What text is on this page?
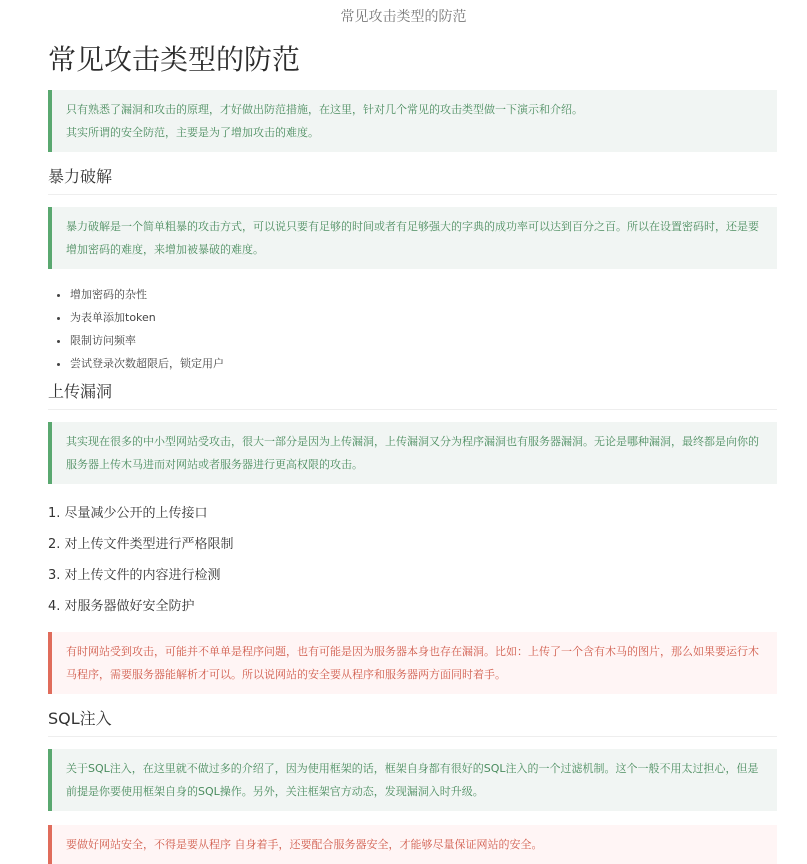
常见攻击类型的防范
常见攻击类型的防范

只有熟悉了漏洞和攻击的原理，才好做出防范措施，在这里，针对几个常见的攻击类型做一下演示和介绍。

其实所谓的安全防范，主要是为了增加攻击的难度。

暴力破解

暴力破解是一个简单粗暴的攻击方式，可以说只要有足够的时间或者有足够强大的字典的成功率可以达到百分之百。所以在设置密码时，还是要增加密码的难度，来增加被暴破的难度。

• 增加密码的杂性
• 为表单添加token
• 限制访问频率
• 尝试登录次数超限后，锁定用户
上传漏洞

其实现在很多的中小型网站受攻击，很大一部分是因为上传漏洞，上传漏洞又分为程序漏洞也有服务器漏洞。无论是哪种漏洞，最终都是向你的服务器上传木马进而对网站或者服务器进行更高权限的攻击。

1. 尽量减少公开的上传接口
2. 对上传文件类型进行严格限制
3. 对上传文件的内容进行检测
4. 对服务器做好安全防护

有时网站受到攻击，可能并不单单是程序问题，也有可能是因为服务器本身也存在漏洞。比如：上传了一个含有木马的图片，那么如果要运行木马程序，需要服务器能解析才可以。所以说网站的安全要从程序和服务器两方面同时着手。

SQL注入

关于SQL注入，在这里就不做过多的介绍了，因为使用框架的话，框架自身都有很好的SQL注入的一个过滤机制。这个一般不用太过担心，但是前提是你要使用框架自身的SQL操作。另外，关注框架官方动态，发现漏洞入时升级。

要做好网站安全，不得是要从程序 自身着手，还要配合服务器安全，才能够尽量保证网站的安全。
